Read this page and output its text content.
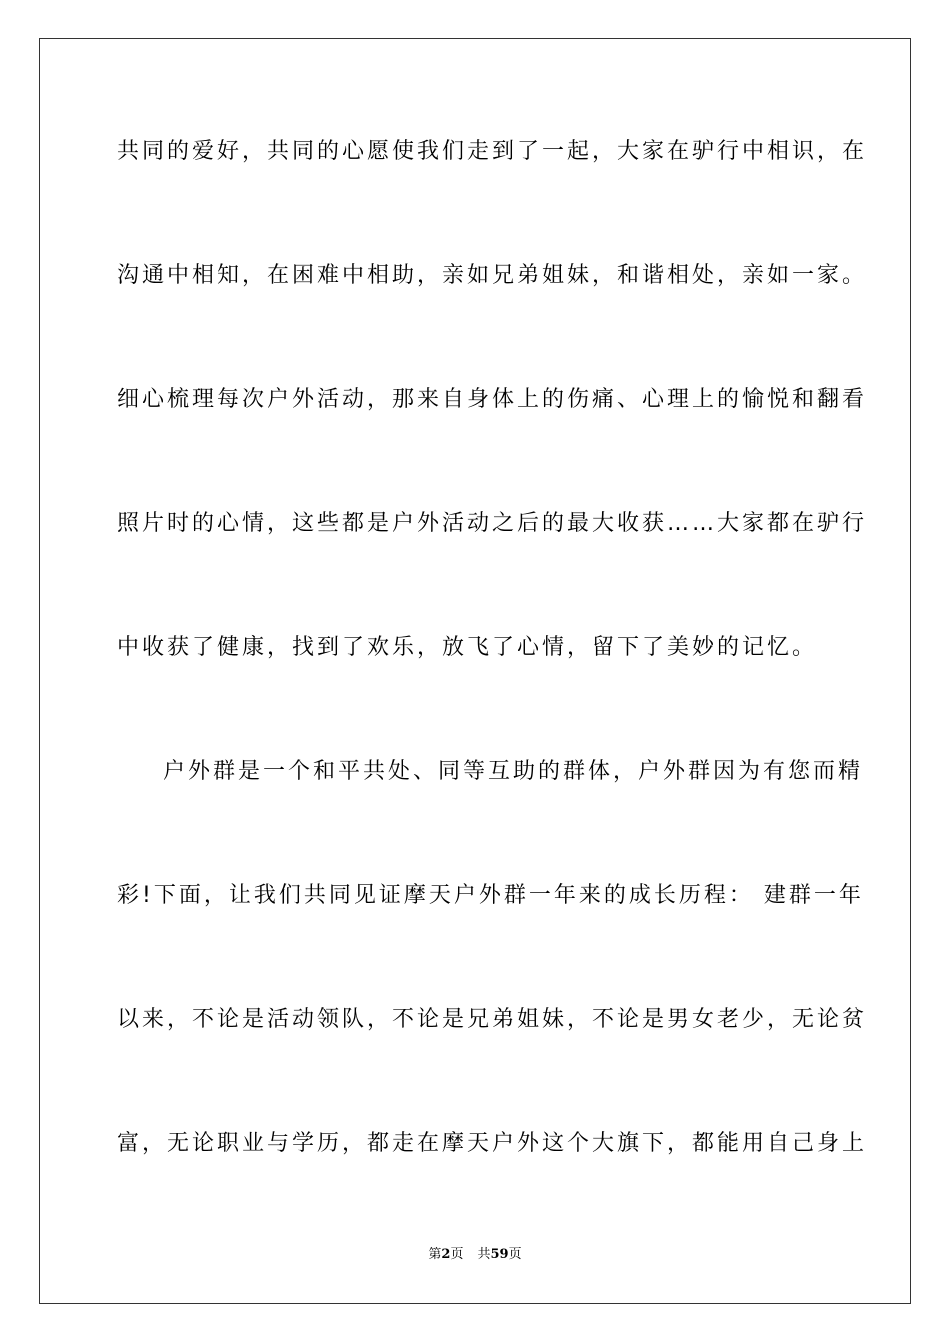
共同的爱好，共同的心愿使我们走到了一起，大家在驴行中相识，在
沟通中相知，在困难中相助，亲如兄弟姐妹，和谐相处，亲如一家。
细心梳理每次户外活动，那来自身体上的伤痛、心理上的愉悦和翻看
照片时的心情，这些都是户外活动之后的最大收获……大家都在驴行
中收获了健康，找到了欢乐，放飞了心情，留下了美妙的记忆。
户外群是一个和平共处、同等互助的群体，户外群因为有您而精
彩!下面，让我们共同见证摩天户外群一年来的成长历程： 建群一年
以来，不论是活动领队，不论是兄弟姐妹，不论是男女老少，无论贫
富，无论职业与学历，都走在摩天户外这个大旗下，都能用自己身上
第2页 共59页
